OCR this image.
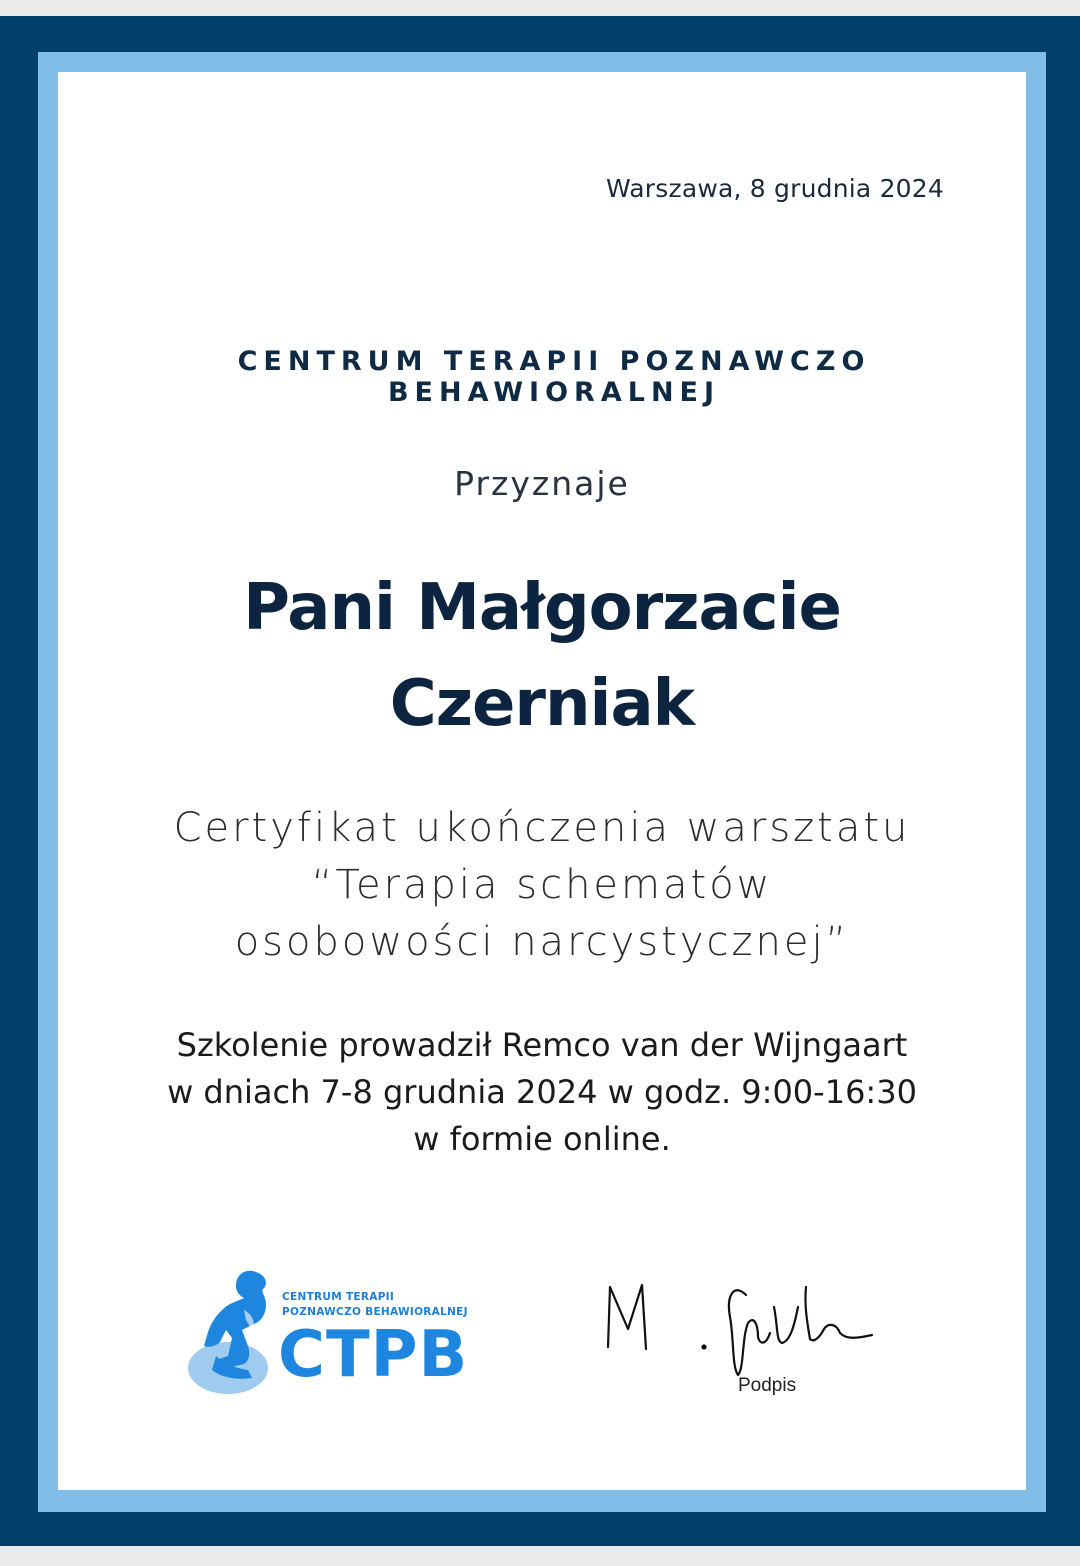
Warszawa, 8 grudnia 2024
CENTRUM TERAPII POZNAWCZO BEHAWIORALNEJ
Przyznaje
Pani Małgorzacie
Czerniak
Certyfikat ukończenia warsztatu
“Terapia schematów
osobowości narcystycznej”
Szkolenie prowadził Remco van der Wijngaart
w dniach 7-8 grudnia 2024 w godz. 9:00-16:30
w formie online.
CENTRUM TERAPII
POZNAWCZO BEHAWIORALNEJ
CTPB	Podpis
